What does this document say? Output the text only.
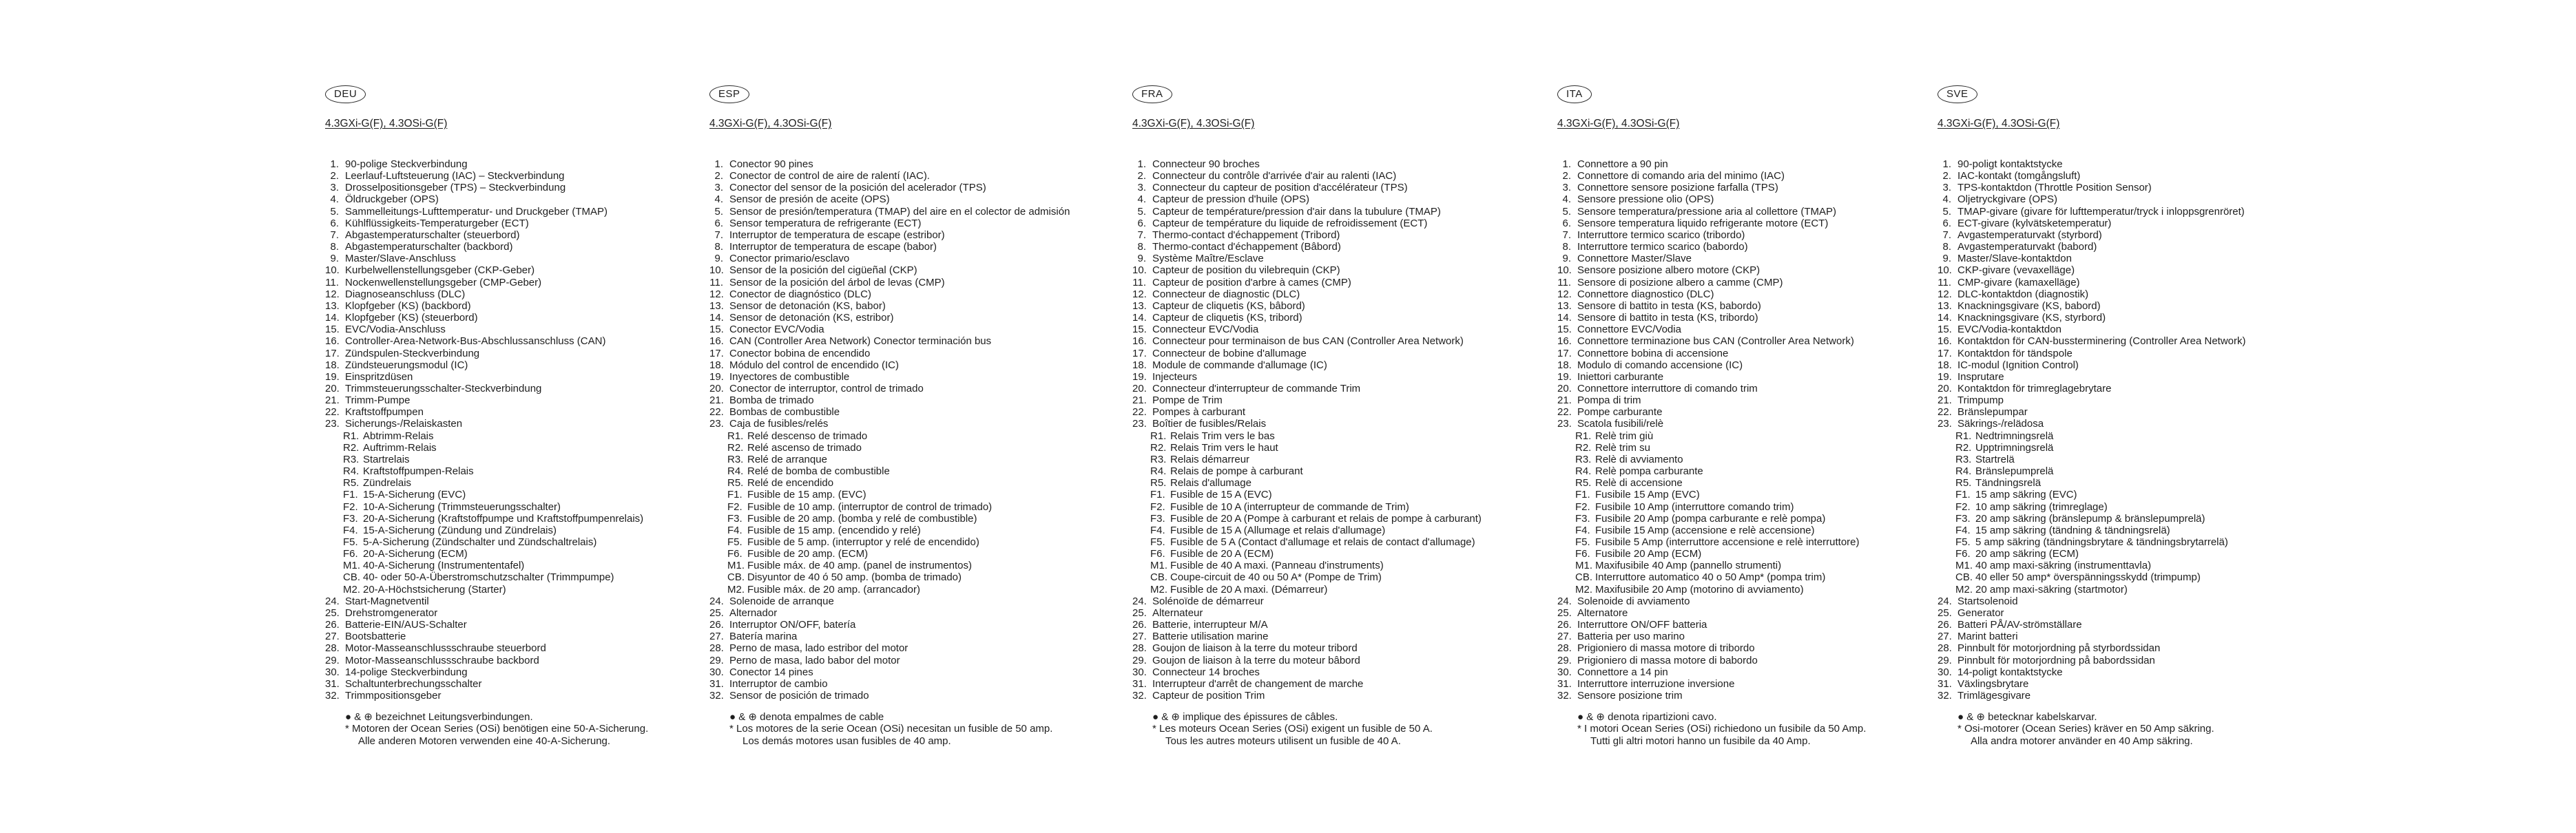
DEU
4.3GXi-G(F), 4.3OSi-G(F)
1. 90-polige Steckverbindung
2. Leerlauf-Luftsteuerung (IAC) – Steckverbindung
3. Drosselpositionsgeber (TPS) – Steckverbindung
4. Öldruckgeber (OPS)
5. Sammelleitungs-Lufttemperatur- und Druckgeber (TMAP)
6. Kühlflüssigkeits-Temperaturgeber (ECT)
7. Abgastemperaturschalter (steuerbord)
8. Abgastemperaturschalter (backbord)
9. Master/Slave-Anschluss
10. Kurbelwellenstellungsgeber (CKP-Geber)
11. Nockenwellenstellungsgeber (CMP-Geber)
12. Diagnoseanschluss (DLC)
13. Klopfgeber (KS) (backbord)
14. Klopfgeber (KS) (steuerbord)
15. EVC/Vodia-Anschluss
16. Controller-Area-Network-Bus-Abschlussanschluss (CAN)
17. Zündspulen-Steckverbindung
18. Zündsteuerungsmodul (IC)
19. Einspritzdüsen
20. Trimmsteuerungsschalter-Steckverbindung
21. Trimm-Pumpe
22. Kraftstoffpumpen
23. Sicherungs-/Relaiskasten
R1. Abtrimm-Relais
R2. Auftrimm-Relais
R3. Startrelais
R4. Kraftstoffpumpen-Relais
R5. Zündrelais
F1. 15-A-Sicherung (EVC)
F2. 10-A-Sicherung (Trimmsteuerungsschalter)
F3. 20-A-Sicherung (Kraftstoffpumpe und Kraftstoffpumpenrelais)
F4. 15-A-Sicherung (Zündung und Zündrelais)
F5. 5-A-Sicherung (Zündschalter und Zündschaltrelais)
F6. 20-A-Sicherung (ECM)
M1. 40-A-Sicherung (Instrumententafel)
CB. 40- oder 50-A-Überstromschutzschalter (Trimmpumpe)
M2. 20-A-Höchstsicherung (Starter)
24. Start-Magnetventil
25. Drehstromgenerator
26. Batterie-EIN/AUS-Schalter
27. Bootsbatterie
28. Motor-Masseanschlussschraube steuerbord
29. Motor-Masseanschlussschraube backbord
30. 14-polige Steckverbindung
31. Schaltunterbrechungsschalter
32. Trimmpositionsgeber
● & ⊕ bezeichnet Leitungsverbindungen.
* Motoren der Ocean Series (OSi) benötigen eine 50-A-Sicherung.
Alle anderen Motoren verwenden eine 40-A-Sicherung.
ESP
4.3GXi-G(F), 4.3OSi-G(F)
1. Conector 90 pines
2. Conector de control de aire de ralentí (IAC).
3. Conector del sensor de la posición del acelerador (TPS)
4. Sensor de presión de aceite (OPS)
5. Sensor de presión/temperatura (TMAP) del aire en el colector de admisión
6. Sensor temperatura de refrigerante (ECT)
7. Interruptor de temperatura de escape (estribor)
8. Interruptor de temperatura de escape (babor)
9. Conector primario/esclavo
10. Sensor de la posición del cigüeñal (CKP)
11. Sensor de la posición del árbol de levas (CMP)
12. Conector de diagnóstico (DLC)
13. Sensor de detonación (KS, babor)
14. Sensor de detonación (KS, estribor)
15. Conector EVC/Vodia
16. CAN (Controller Area Network) Conector terminación bus
17. Conector bobina de encendido
18. Módulo del control de encendido (IC)
19. Inyectores de combustible
20. Conector de interruptor, control de trimado
21. Bomba de trimado
22. Bombas de combustible
23. Caja de fusibles/relés
R1. Relé descenso de trimado
R2. Relé ascenso de trimado
R3. Relé de arranque
R4. Relé de bomba de combustible
R5. Relé de encendido
F1. Fusible de 15 amp. (EVC)
F2. Fusible de 10 amp. (interruptor de control de trimado)
F3. Fusible de 20 amp. (bomba y relé de combustible)
F4. Fusible de 15 amp. (encendido y relé)
F5. Fusible de 5 amp. (interruptor y relé de encendido)
F6. Fusible de 20 amp. (ECM)
M1. Fusible máx. de 40 amp. (panel de instrumentos)
CB. Disyuntor de 40 ó 50 amp. (bomba de trimado)
M2. Fusible máx. de 20 amp. (arrancador)
24. Solenoide de arranque
25. Alternador
26. Interruptor ON/OFF, batería
27. Batería marina
28. Perno de masa, lado estribor del motor
29. Perno de masa, lado babor del motor
30. Conector 14 pines
31. Interruptor de cambio
32. Sensor de posición de trimado
● & ⊕ denota empalmes de cable
* Los motores de la serie Ocean (OSi) necesitan un fusible de 50 amp.
Los demás motores usan fusibles de 40 amp.
FRA
4.3GXi-G(F), 4.3OSi-G(F)
1. Connecteur 90 broches
2. Connecteur du contrôle d'arrivée d'air au ralenti (IAC)
3. Connecteur du capteur de position d'accélérateur (TPS)
4. Capteur de pression d'huile (OPS)
5. Capteur de température/pression d'air dans la tubulure (TMAP)
6. Capteur de température du liquide de refroidissement (ECT)
7. Thermo-contact d'échappement (Tribord)
8. Thermo-contact d'échappement (Bâbord)
9. Système Maître/Esclave
10. Capteur de position du vilebrequin (CKP)
11. Capteur de position d'arbre à cames (CMP)
12. Connecteur de diagnostic (DLC)
13. Capteur de cliquetis (KS, bâbord)
14. Capteur de cliquetis (KS, tribord)
15. Connecteur EVC/Vodia
16. Connecteur pour terminaison de bus CAN (Controller Area Network)
17. Connecteur de bobine d'allumage
18. Module de commande d'allumage (IC)
19. Injecteurs
20. Connecteur d'interrupteur de commande Trim
21. Pompe de Trim
22. Pompes à carburant
23. Boîtier de fusibles/Relais
R1. Relais Trim vers le bas
R2. Relais Trim vers le haut
R3. Relais démarreur
R4. Relais de pompe à carburant
R5. Relais d'allumage
F1. Fusible de 15 A (EVC)
F2. Fusible de 10 A (interrupteur de commande de Trim)
F3. Fusible de 20 A (Pompe à carburant et relais de pompe à carburant)
F4. Fusible de 15 A (Allumage et relais d'allumage)
F5. Fusible de 5 A (Contact d'allumage et relais de contact d'allumage)
F6. Fusible de 20 A (ECM)
M1. Fusible de 40 A maxi. (Panneau d'instruments)
CB. Coupe-circuit de 40 ou 50 A* (Pompe de Trim)
M2. Fusible de 20 A maxi. (Démarreur)
24. Solénoïde de démarreur
25. Alternateur
26. Batterie, interrupteur M/A
27. Batterie utilisation marine
28. Goujon de liaison à la terre du moteur tribord
29. Goujon de liaison à la terre du moteur bâbord
30. Connecteur 14 broches
31. Interrupteur d'arrêt de changement de marche
32. Capteur de position Trim
● & ⊕ implique des épissures de câbles.
* Les moteurs Ocean Series (OSi) exigent un fusible de 50 A.
Tous les autres moteurs utilisent un fusible de 40 A.
ITA
4.3GXi-G(F), 4.3OSi-G(F)
1. Connettore a 90 pin
2. Connettore di comando aria del minimo (IAC)
3. Connettore sensore posizione farfalla (TPS)
4. Sensore pressione olio (OPS)
5. Sensore temperatura/pressione aria al collettore (TMAP)
6. Sensore temperatura liquido refrigerante motore (ECT)
7. Interruttore termico scarico (tribordo)
8. Interruttore termico scarico (babordo)
9. Connettore Master/Slave
10. Sensore posizione albero motore (CKP)
11. Sensore di posizione albero a camme (CMP)
12. Connettore diagnostico (DLC)
13. Sensore di battito in testa (KS, babordo)
14. Sensore di battito in testa (KS, tribordo)
15. Connettore EVC/Vodia
16. Connettore terminazione bus CAN (Controller Area Network)
17. Connettore bobina di accensione
18. Modulo di comando accensione (IC)
19. Iniettori carburante
20. Connettore interruttore di comando trim
21. Pompa di trim
22. Pompe carburante
23. Scatola fusibili/relè
R1. Relè trim giù
R2. Relè trim su
R3. Relè di avviamento
R4. Relè pompa carburante
R5. Relè di accensione
F1. Fusibile 15 Amp (EVC)
F2. Fusibile 10 Amp (interruttore comando trim)
F3. Fusibile 20 Amp (pompa carburante e relè pompa)
F4. Fusibile 15 Amp (accensione e relè accensione)
F5. Fusibile 5 Amp (interruttore accensione e relè interruttore)
F6. Fusibile 20 Amp (ECM)
M1. Maxifusibile 40 Amp (pannello strumenti)
CB. Interruttore automatico 40 o 50 Amp* (pompa trim)
M2. Maxifusibile 20 Amp (motorino di avviamento)
24. Solenoide di avviamento
25. Alternatore
26. Interruttore ON/OFF batteria
27. Batteria per uso marino
28. Prigioniero di massa motore di tribordo
29. Prigioniero di massa motore di babordo
30. Connettore a 14 pin
31. Interruttore interruzione inversione
32. Sensore posizione trim
● & ⊕ denota ripartizioni cavo.
* I motori Ocean Series (OSi) richiedono un fusibile da 50 Amp.
Tutti gli altri motori hanno un fusibile da 40 Amp.
SVE
4.3GXi-G(F), 4.3OSi-G(F)
1. 90-poligt kontaktstycke
2. IAC-kontakt (tomgångsluft)
3. TPS-kontaktdon (Throttle Position Sensor)
4. Oljetryckgivare (OPS)
5. TMAP-givare (givare för lufttemperatur/tryck i inloppsgrenröret)
6. ECT-givare (kylvätsketemperatur)
7. Avgastemperaturvakt (styrbord)
8. Avgastemperaturvakt (babord)
9. Master/Slave-kontaktdon
10. CKP-givare (vevaxelläge)
11. CMP-givare (kamaxelläge)
12. DLC-kontaktdon (diagnostik)
13. Knackningsgivare (KS, babord)
14. Knackningsgivare (KS, styrbord)
15. EVC/Vodia-kontaktdon
16. Kontaktdon för CAN-bussterminering (Controller Area Network)
17. Kontaktdon för tändspole
18. IC-modul (Ignition Control)
19. Insprutare
20. Kontaktdon för trimreglagebrytare
21. Trimpump
22. Bränslepumpar
23. Säkrings-/relädosa
R1. Nedtrimningsrelä
R2. Upptrimningsrelä
R3. Startrelä
R4. Bränslepumprelä
R5. Tändningsrelä
F1. 15 amp säkring (EVC)
F2. 10 amp säkring (trimreglage)
F3. 20 amp säkring (bränslepump & bränslepumprelä)
F4. 15 amp säkring (tändning & tändningsrelä)
F5. 5 amp säkring (tändningsbrytare & tändningsbrytarrelä)
F6. 20 amp säkring (ECM)
M1. 40 amp maxi-säkring (instrumenttavla)
CB. 40 eller 50 amp* överspänningsskydd (trimpump)
M2. 20 amp maxi-säkring (startmotor)
24. Startsolenoid
25. Generator
26. Batteri PÅ/AV-strömställare
27. Marint batteri
28. Pinnbult för motorjordning på styrbordssidan
29. Pinnbult för motorjordning på babordssidan
30. 14-poligt kontaktstycke
31. Växlingsbrytare
32. Trimlägesgivare
● & ⊕ betecknar kabelskarvar.
* Osi-motorer (Ocean Series) kräver en 50 Amp säkring.
Alla andra motorer använder en 40 Amp säkring.
